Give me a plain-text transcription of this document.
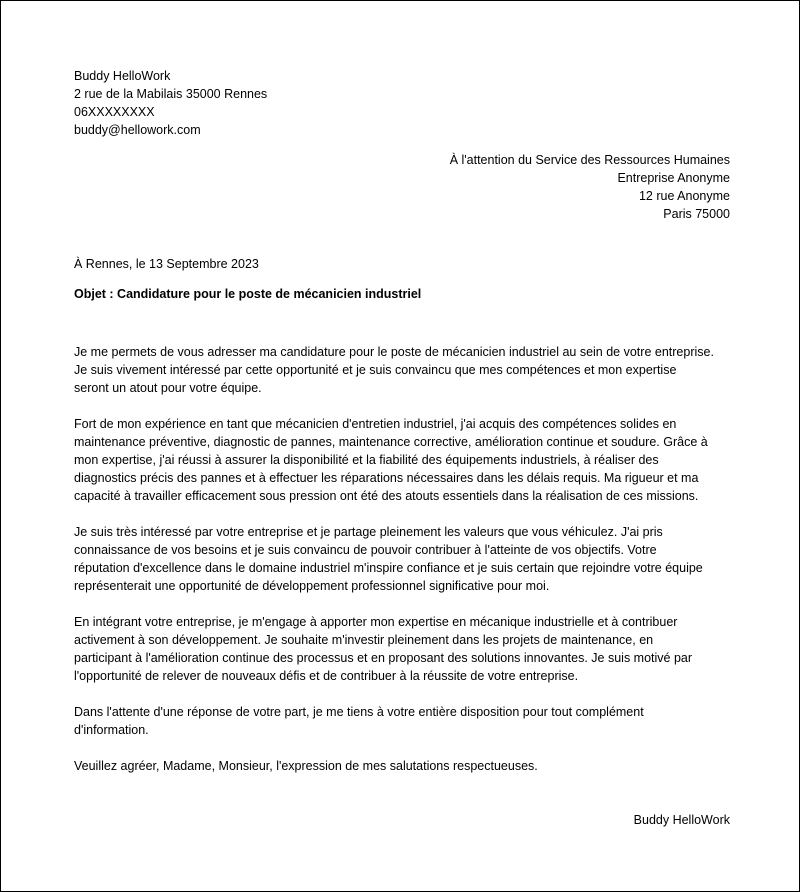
Buddy HelloWork
2 rue de la Mabilais 35000 Rennes
06XXXXXXXX
buddy@hellowork.com
À l'attention du Service des Ressources Humaines
Entreprise Anonyme
12 rue Anonyme
Paris 75000
À Rennes, le 13 Septembre 2023
Objet : Candidature pour le poste de mécanicien industriel

Je me permets de vous adresser ma candidature pour le poste de mécanicien industriel au sein de votre entreprise.
Je suis vivement intéressé par cette opportunité et je suis convaincu que mes compétences et mon expertise
seront un atout pour votre équipe.

Fort de mon expérience en tant que mécanicien d'entretien industriel, j'ai acquis des compétences solides en
maintenance préventive, diagnostic de pannes, maintenance corrective, amélioration continue et soudure. Grâce à
mon expertise, j'ai réussi à assurer la disponibilité et la fiabilité des équipements industriels, à réaliser des
diagnostics précis des pannes et à effectuer les réparations nécessaires dans les délais requis. Ma rigueur et ma
capacité à travailler efficacement sous pression ont été des atouts essentiels dans la réalisation de ces missions.

Je suis très intéressé par votre entreprise et je partage pleinement les valeurs que vous véhiculez. J'ai pris
connaissance de vos besoins et je suis convaincu de pouvoir contribuer à l'atteinte de vos objectifs. Votre
réputation d'excellence dans le domaine industriel m'inspire confiance et je suis certain que rejoindre votre équipe
représenterait une opportunité de développement professionnel significative pour moi.

En intégrant votre entreprise, je m'engage à apporter mon expertise en mécanique industrielle et à contribuer
activement à son développement. Je souhaite m'investir pleinement dans les projets de maintenance, en
participant à l'amélioration continue des processus et en proposant des solutions innovantes. Je suis motivé par
l'opportunité de relever de nouveaux défis et de contribuer à la réussite de votre entreprise.

Dans l'attente d'une réponse de votre part, je me tiens à votre entière disposition pour tout complément
d'information.

Veuillez agréer, Madame, Monsieur, l'expression de mes salutations respectueuses.

Buddy HelloWork
